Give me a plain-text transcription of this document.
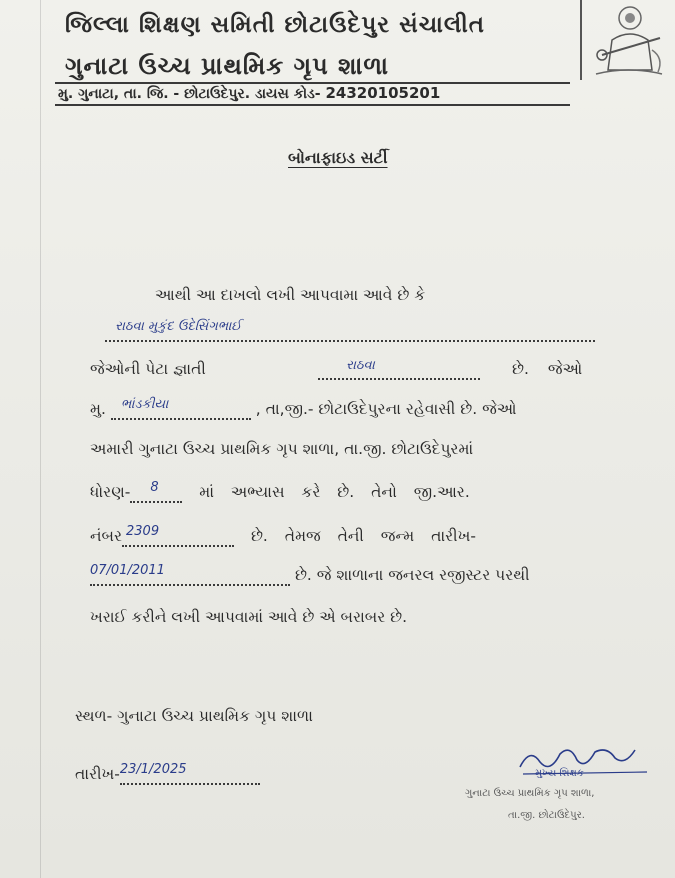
જિલ્લા શિક્ષણ સમિતી છોટાઉદેપુર સંચાલીત
ગુનાટા ઉચ્ચ પ્રાથમિક ગૃપ શાળા
મુ. ગુનાટા, તા. જિ. - છોટાઉદેપુર. ડાયસ કોડ- 24320105201
બોનાફાઇડ સર્ટી
આથી આ દાખલો લખી આપવામા આવે છે કે
રાઠવા મુકુંદ ઉદેસિંગભાઈ

જેઓની પેટા જ્ઞાતી	રાઠવા
	છે. જેઓ
મુ. ભાંડકીયા	, તા,જી.- છોટાઉદેપુરના રહેવાસી છે. જેઓ
અમારી ગુનાટા ઉચ્ચ પ્રાથમિક ગૃપ શાળા, તા.જી. છોટાઉદેપુરમાં
ધોરણ- 8	માં અભ્યાસ કરે છે. તેનો જી.આર.
નંબર 2309	છે. તેમજ તેની જન્મ તારીખ-
07/01/2011	છે. જે શાળાના જનરલ રજીસ્ટર પરથી
ખરાઈ કરીને લખી આપવામાં આવે છે એ બરાબર છે.
સ્થળ- ગુનાટા ઉચ્ચ પ્રાથમિક ગૃપ શાળા
તારીખ- 23/1/2025
	મુખ્ય શિક્ષક
ગુનાટા ઉચ્ચ પ્રાથમિક ગૃપ શાળા,
તા.જી. છોટાઉદેપુર.
